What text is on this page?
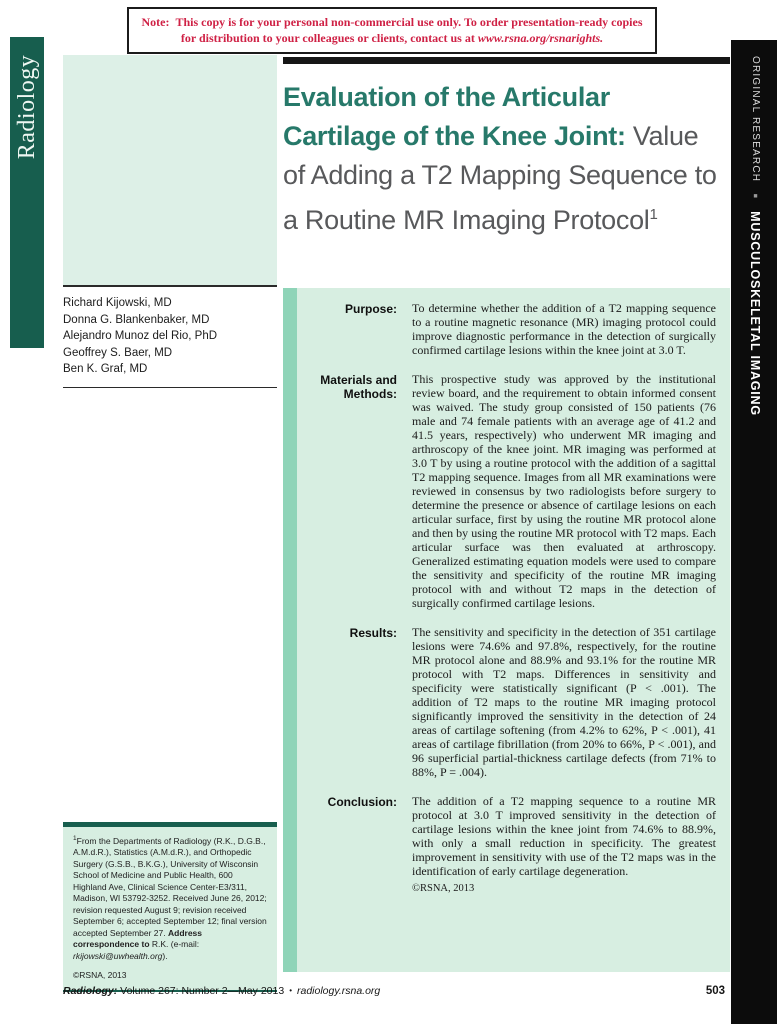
Note:  This copy is for your personal non-commercial use only. To order presentation-ready copies for distribution to your colleagues or clients, contact us at www.rsna.org/rsnarights.
Radiology
Richard Kijowski, MD
Donna G. Blankenbaker, MD
Alejandro Munoz del Rio, PhD
Geoffrey S. Baer, MD
Ben K. Graf, MD
Evaluation of the Articular
Cartilage of the Knee Joint: Value
of Adding a T2 Mapping Sequence to
a Routine MR Imaging Protocol$^1$
Purpose:	To determine whether the addition of a T2 mapping sequence to a routine magnetic resonance (MR) imaging protocol could improve diagnostic performance in the detection of surgically confirmed cartilage lesions within the knee joint at 3.0 T.
Materials and Methods:
This prospective study was approved by the institutional review board, and the requirement to obtain informed consent was waived. The study group consisted of 150 patients (76 male and 74 female patients with an average age of 41.2 and 41.5 years, respectively) who underwent MR imaging and arthroscopy of the knee joint. MR imaging was performed at 3.0 T by using a routine protocol with the addition of a sagittal T2 mapping sequence. Images from all MR examinations were reviewed in consensus by two radiologists before surgery to determine the presence or absence of cartilage lesions on each articular surface, first by using the routine MR protocol alone and then by using the routine MR protocol with T2 maps. Each articular surface was then evaluated at arthroscopy. Generalized estimating equation models were used to compare the sensitivity and specificity of the routine MR imaging protocol with and without T2 maps in the detection of surgically confirmed cartilage lesions.
Results:	The sensitivity and specificity in the detection of 351 cartilage lesions were 74.6% and 97.8%, respectively, for the routine MR protocol alone and 88.9% and 93.1% for the routine MR protocol with T2 maps. Differences in sensitivity and specificity were statistically significant (P < .001). The addition of T2 maps to the routine MR imaging protocol significantly improved the sensitivity in the detection of 24 areas of cartilage softening (from 4.2% to 62%, P < .001), 41 areas of cartilage fibrillation (from 20% to 66%, P < .001), and 96 superficial partial-thickness cartilage defects (from 71% to 88%, P = .004).
Conclusion:	The addition of a T2 mapping sequence to a routine MR protocol at 3.0 T improved sensitivity in the detection of cartilage lesions within the knee joint from 74.6% to 88.9%, with only a small reduction in specificity. The greatest improvement in sensitivity with use of the T2 maps was in the identification of early cartilage degeneration.
©RSNA, 2013
$^1$From the Departments of Radiology (R.K., D.G.B., A.M.d.R.), Statistics (A.M.d.R.), and Orthopedic Surgery (G.S.B., B.K.G.), University of Wisconsin School of Medicine and Public Health, 600 Highland Ave, Clinical Science Center-E3/311, Madison, WI 53792-3252. Received June 26, 2012; revision requested August 9; revision received September 6; accepted September 12; final version accepted September 27. Address correspondence to R.K. (e-mail: rkijowski@uwhealth.org).
©RSNA, 2013
Radiology: Volume 267: Number 2—May 2013 • radiology.rsna.org	503
ORIGINAL RESEARCH■MUSCULOSKELETAL IMAGING
